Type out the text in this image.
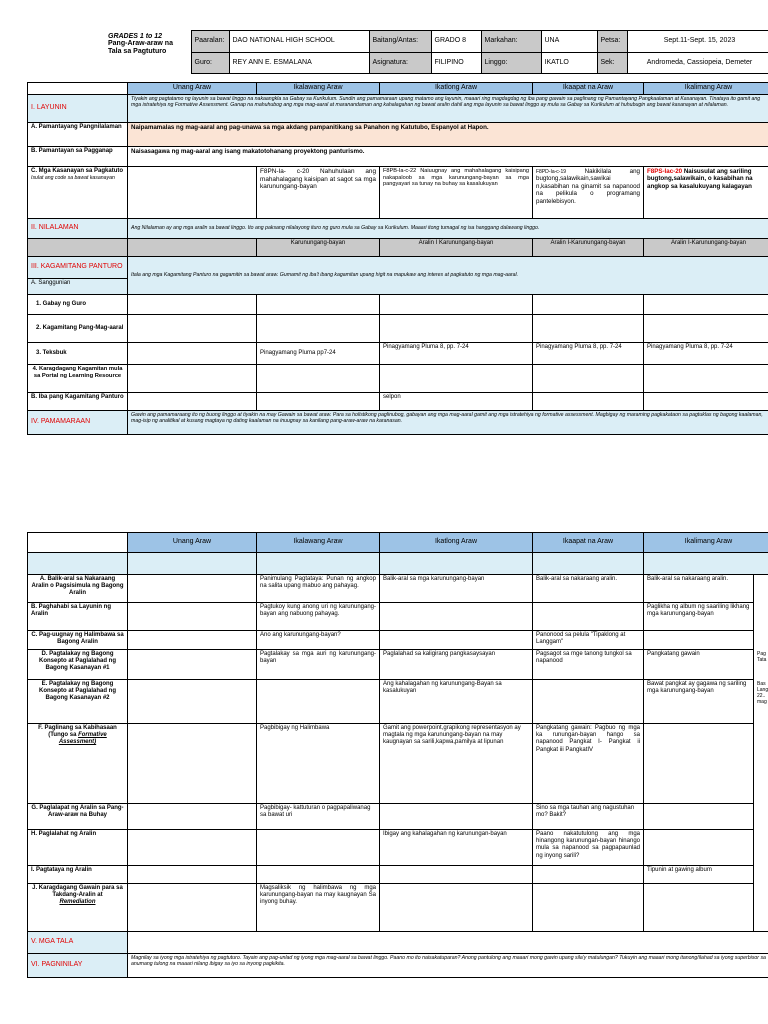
GRADES 1 to 12
Pang-Araw-araw na
Tala sa Pagtuturo	Paaralan:	DAO NATIONAL HIGH SCHOOL	Baitang/Antas:	GRADO 8	Markahan:	UNA	Petsa:	Sept.11-Sept. 15, 2023
	Guro:	REY ANN E. ESMALANA	Asignatura:	FILIPINO	Linggo:	IKATLO	Sek:	Andromeda, Cassiopeia, Demeter
	Unang Araw	Ikalawang Araw	Ikatlong Araw	Ikaapat na Araw	Ikalimang Araw
I. LAYUNIN	Tiyakin ang pagtatamo ng layunin sa bawat linggo na nakaangkla sa Gabay sa Kurikulum. Sundin ang pamamaraan upang matamo ang layunin, maaari ring magdagdag ng iba pang gawain sa paglinang ng Pamantayang Pangkaalaman at Kasanayan. Tinataya ito gamit ang mga istratehiya ng Formative Assessment. Ganap na mahuhubog ang mga mag-aaral at maranandaman ang kahalagahan ng bawat aralin dahil ang mga layunin sa bawat linggo ay mula sa Gabay sa Kurikulum at huhubugin ang bawat kasanayan at nilalaman.				
A. Pamantayang Pangnilalaman	Naipamamalas ng mag-aaral ang pag-unawa sa mga akdang pampanitikang sa Panahon ng Katutubo, Espanyol at Hapon.				
B. Pamantayan sa Pagganap	Naisasagawa ng mag-aaral ang isang makatotohanang proyektong panturismo.				

C. Mga Kasanayan sa Pagkatuto
Isulat ang code sa bawat kasanayan		F8PN-Ia- c-20 Nahuhulaan ang mahahalagang kaisipan at sagot sa mga karunungang-bayan	F8PB-Ia-c-22 Naiuugnay ang mahahalagang kaisipang nakapaloob sa mga karunungang-bayan sa mga pangyayari sa tunay na buhay sa kasalukuyan	F8PD-Ia-c-19 Nakikilala ang bugtong,salawikain,sawikai n,kasabihan na ginamit sa napanood na pelikula o programang pantelebisyon.	F8PS-Iac-20 Naisusulat ang sariling bugtong,salawikain, o kasabihan na angkop sa kasalukuyang kalagayan
II. NILALAMAN	Ang Nilalaman ay ang mga aralin sa bawat linggo. Ito ang paksang nilalayong ituro ng guro mula sa Gabay sa Kurikulum. Maaari itong tumagal ng isa hanggang dalawang linggo.				
		Karunungang-bayan	Aralin I Karunungang-bayan	Aralin I-Karunungang-bayan	Aralin I-Karunungang-bayan
III. KAGAMITANG PANTURO	Itala ang mga Kagamitang Panturo na gagamitin sa bawat araw. Gumamit ng iba't ibang kagamitan upang higit na mapukaw ang interes at pagkatuto ng mga mag-aaral.				
A. Sanggunian					
1. Gabay ng Guro					
2. Kagamitang Pang-Mag-aaral					
3. Teksbuk		Pinagyamang Pluma pp7-24	Pinagyamang Pluma 8, pp. 7-24	Pinagyamang Pluma 8, pp. 7-24	Pinagyamang Pluma 8, pp. 7-24
4. Karagdagang Kagamitan mula sa Portal ng Learning Resource					
B. Iba pang Kagamitang Panturo			selpon		
IV. PAMAMARAAN	Gawin ang pamamaraang ito ng buong linggo at tiyakin na may Gawain sa bawat araw. Para sa holistikong paglinubog, gabayan ang mga mag-aaral gamit ang mga istratehiya ng formative assessment. Magbigay ng maraming pagkakataon sa pagtuklas ng bagong kaalaman, mag-isip ng analitikal at kusang magtaya ng dating kaalaman na inuugnay sa kanilang pang-araw-araw na karanasan.				
	Unang Araw	Ikalawang Araw	Ikatlong Araw	Ikaapat na Araw	Ikalimang Araw	

A. Balik-aral sa Nakaraang Aralin o Pagsisimula ng Bagong Aralin		Panimulang Pagtataya: Punan ng angkop na salita upang mabuo ang pahayag.	Balik-aral sa mga karunungang-bayan	Balik-aral sa nakaraang aralin.	Balik-aral sa nakaraang aralin.	
B. Paghahabi sa Layunin ng Aralin		Pagtukoy kung anong uri ng karunungang-bayan ang nabuong pahayag.			Paglikha ng album ng saariling likhang mga karunungang-bayan	
C. Pag-uugnay ng Halimbawa sa Bagong Aralin		Ano ang karunungang-bayan?		Panonood sa pelula "Tipaklong at Langgam"		
D. Pagtalakay ng Bagong Konsepto at Paglalahad ng Bagong Kasanayan #1		Pagtalakay sa mga auri ng karunungang- bayan	Paglalahad sa kaligirang pangkasaysayan	Pagsagot sa mge tanong tungkol sa napanood	Pangkatang gawain	Pag Tata
E. Pagtalakay ng Bagong Konsepto at Paglalahad ng Bagong Kasanayan #2			Ang kahalagahan ng karunungang-Bayan sa kasalukuyan		Bawat pangkat ay gagawa ng sariling mga karunungang-bayan	Bas Lang 22.. mag

F. Paglinang sa Kabihasaan
(Tungo sa Formative Assessment)		Pagbibigay ng Halimbawa	Gamit ang powerpoint,grapikong representasyon ay magtala ng mga karunungang-bayan na may kaugnayan sa sarili,kapwa,pamilya at lipunan	Pangkatang gawain: Pagbuo ng mga ka runungan-bayan hango sa napanood Pangkat I- Pangkat ii Pangkat iii PangkatIV		
G. Paglalapat ng Aralin sa Pang-Araw-araw na Buhay		Pagbibigay- kattuturan o pagpapaliwanag sa bawat uri		Sino sa mga tauhan ang nagustuhan mo? Bakit?		
H. Paglalahat ng Aralin			Ibigay ang kahalagahan ng karunungan-bayan	Paano nakatutulong ang mga hinangong karunungan-bayan hinango mula sa napanood sa pagpapaunlad ng inyong sarili?		
I. Pagtataya ng Aralin					Tipunin at gawing album	

J. Karagdagang Gawain para sa Takdang-Aralin at
Remediation		Magsaliksik ng halimbawa ng mga karunungang-bayan na may kaugnayan Sa inyong buhay.				
V. MGA TALA						
VI. PAGNINILAY	Magnilay sa iyong mga istratehiya ng pagtuturo. Tayain ang pag-unlad ng iyong mga mag-aaral sa bawat linggo. Paano mo ito naisakatuparan? Anong pantulong ang maaari mong gawin upang sila'y matulungan? Tukuyin ang maaari mong itanong/ilahad sa iyong superbisor sa anumang tulong na maaari nilang ibigay sa iyo sa inyong pagkikita.					
